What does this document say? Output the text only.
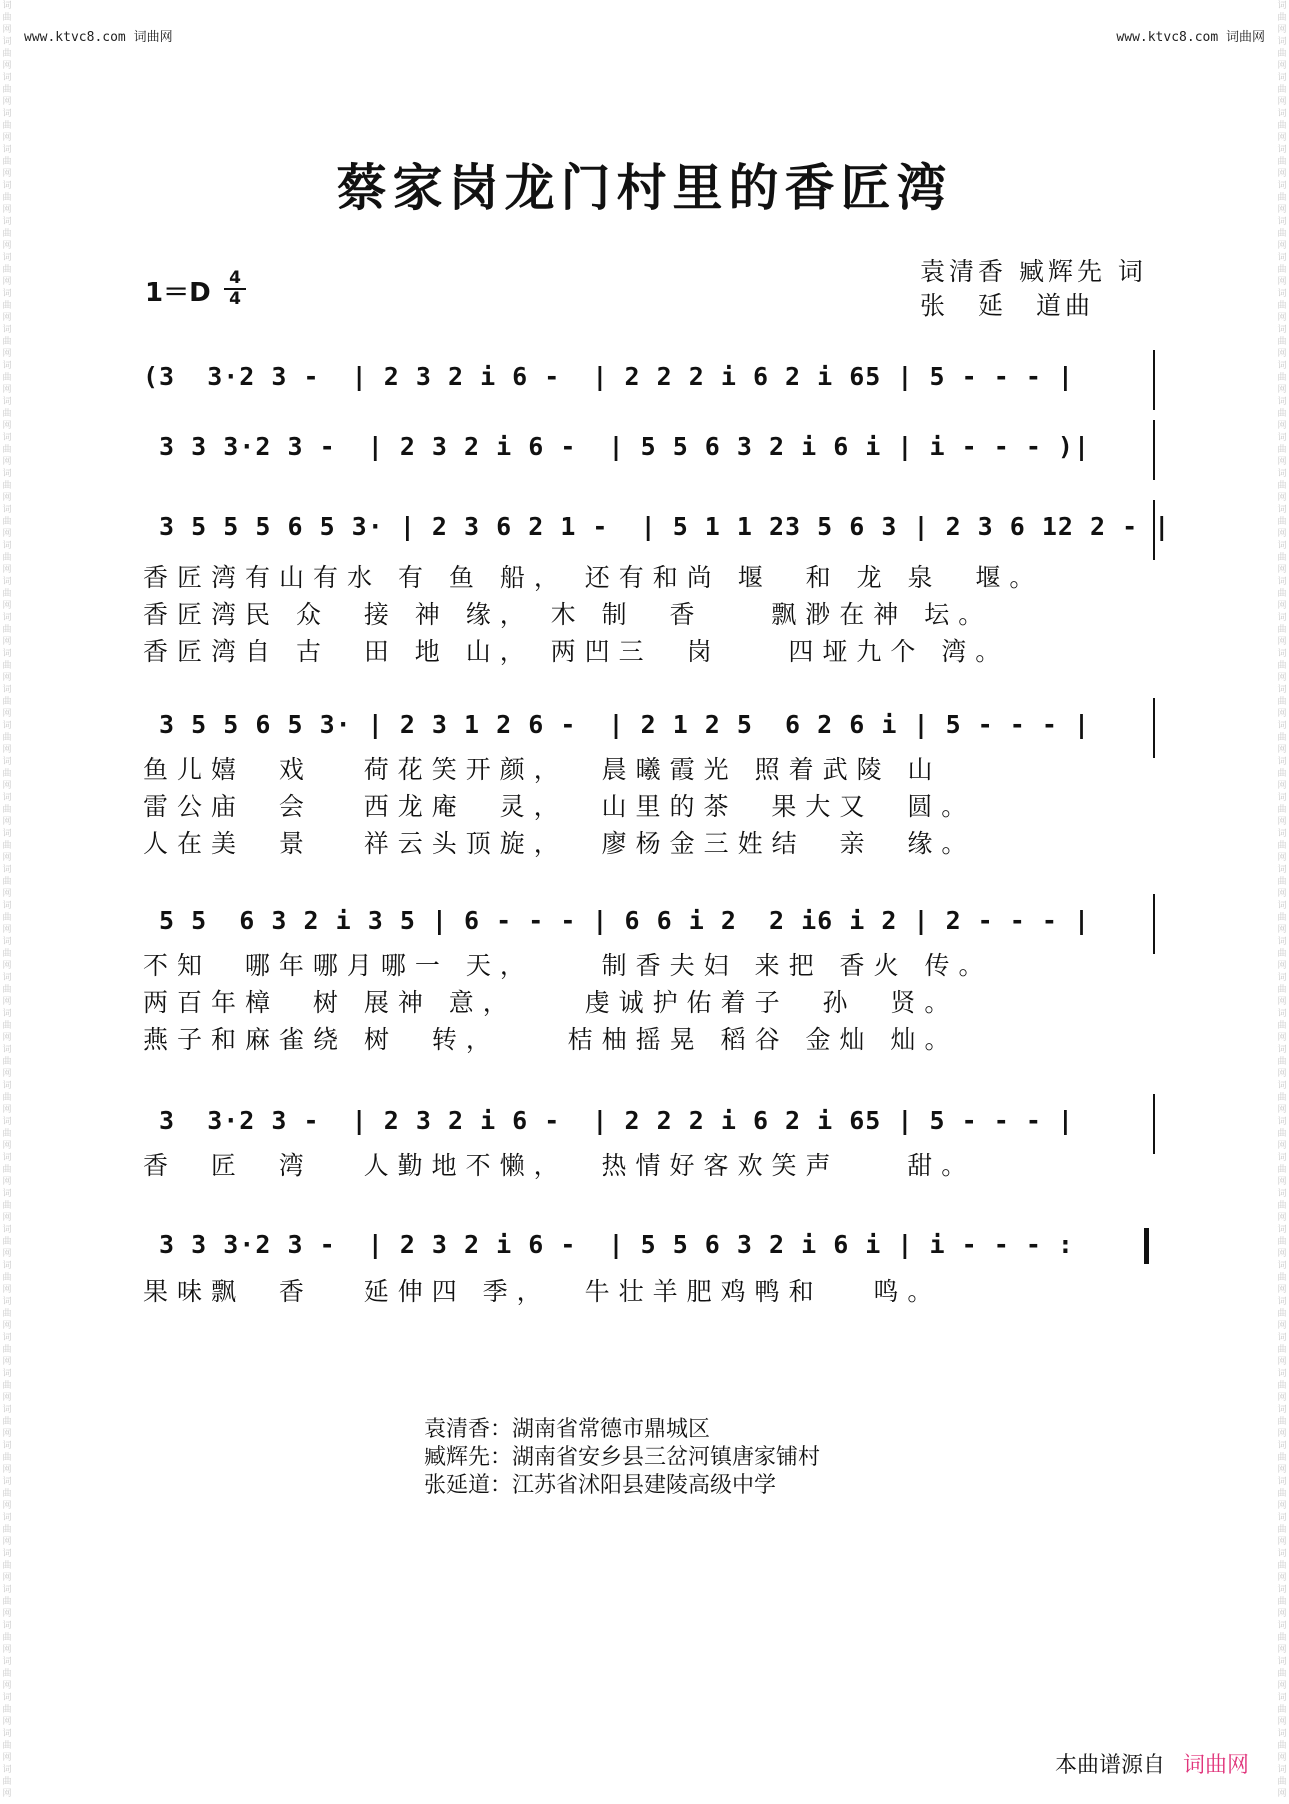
词曲网 词曲网 词曲网 词曲网 词曲网 词曲网 词曲网 词曲网 词曲网 词曲网 词曲网 词曲网 词曲网 词曲网 词曲网 词曲网 词曲网 词曲网 词曲网 词曲网 词曲网 词曲网 词曲网 词曲网 词曲网 词曲网 词曲网 词曲网 词曲网 词曲网 词曲网 词曲网 词曲网 词曲网 词曲网 词曲网 词曲网 词曲网 词曲网 词曲网 词曲网 词曲网 词曲网 词曲网 词曲网 词曲网 词曲网 词曲网 词曲网 词曲网
词曲网 词曲网 词曲网 词曲网 词曲网 词曲网 词曲网 词曲网 词曲网 词曲网 词曲网 词曲网 词曲网 词曲网 词曲网 词曲网 词曲网 词曲网 词曲网 词曲网 词曲网 词曲网 词曲网 词曲网 词曲网 词曲网 词曲网 词曲网 词曲网 词曲网 词曲网 词曲网 词曲网 词曲网 词曲网 词曲网 词曲网 词曲网 词曲网 词曲网 词曲网 词曲网 词曲网 词曲网 词曲网 词曲网 词曲网 词曲网 词曲网 词曲网
www.ktvc8.com 词曲网	www.ktvc8.com 词曲网
蔡家岗龙门村里的香匠湾
1＝D 4
4
袁清香 臧辉先 词
张　延　道曲
(3  3·2 3 -  | 2 3 2 i 6 -  | 2 2 2 i 6 2 i 65 | 5 - - - |
3 3 3·2 3 -  | 2 3 2 i 6 -  | 5 5 6 3 2 i 6 i | i - - - )|
3 5 5 5 6 5 3· | 2 3 6 2 1 -  | 5 1 1 23 5 6 3 | 2 3 6 12 2 - |
香匠湾有山有水 有 鱼 船， 还有和尚 堰  和 龙 泉  堰。
香匠湾民 众  接 神 缘， 木 制  香    飘渺在神 坛。
香匠湾自 古  田 地 山， 两凹三  岗    四垭九个 湾。
3 5 5 6 5 3· | 2 3 1 2 6 -  | 2 1 2 5  6 2 6 i | 5 - - - |
鱼儿嬉  戏   荷花笑开颜，  晨曦霞光 照着武陵 山
雷公庙  会   西龙庵  灵，  山里的茶  果大又  圆。
人在美  景   祥云头顶旋，  廖杨金三姓结  亲  缘。
5 5  6 3 2 i 3 5 | 6 - - - | 6 6 i 2  2 i6 i 2 | 2 - - - |
不知  哪年哪月哪一 天，    制香夫妇 来把 香火 传。
两百年樟  树 展神 意，    虔诚护佑着子  孙  贤。
燕子和麻雀绕 树  转，    桔柚摇晃 稻谷 金灿 灿。
3  3·2 3 -  | 2 3 2 i 6 -  | 2 2 2 i 6 2 i 65 | 5 - - - |
香  匠  湾   人勤地不懒，  热情好客欢笑声    甜。
3 3 3·2 3 -  | 2 3 2 i 6 -  | 5 5 6 3 2 i 6 i | i - - - :
果味飘  香   延伸四 季，  牛壮羊肥鸡鸭和   鸣。
袁清香：湖南省常德市鼎城区
臧辉先：湖南省安乡县三岔河镇唐家铺村
张延道：江苏省沭阳县建陵高级中学
本曲谱源自 词曲网
